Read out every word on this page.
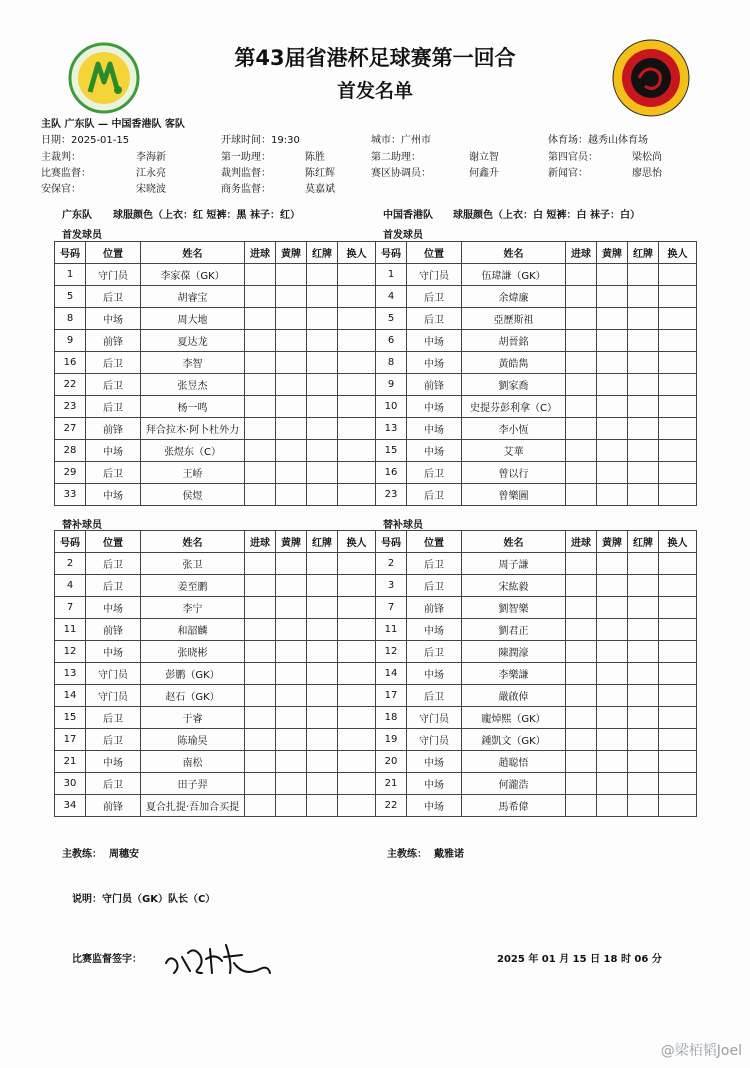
第43届省港杯足球赛第一回合
首发名单
主队 广东队 — 中国香港队 客队
日期：2025-01-15	开球时间：19:30	城市：广州市	体育场：越秀山体育场
主裁判：	李海新	第一助理：	陈胜	第二助理：	谢立智	第四官员：	梁松尚
比赛监督：	江永亮	裁判监督：	陈红辉	赛区协调员：	何鑫升	新闻官：	廖思怡
安保官：	宋晓波	商务监督：	莫嘉斌
广东队 球服颜色（上衣：红 短裤：黑 袜子：红）	中国香港队 球服颜色（上衣：白 短裤：白 袜子：白）
首发球员	首发球员
号码	位置	姓名	进球	黄牌	红牌	换人
1	守门员	李家葆（GK）				
5	后卫	胡睿宝				
8	中场	周大地				
9	前锋	夏达龙				
16	后卫	李智				
22	后卫	张昱杰				
23	后卫	杨一鸣				
27	前锋	拜合拉木·阿卜杜外力				
28	中场	张煜东（C）				
29	后卫	王峤				
33	中场	侯煜				
号码	位置	姓名	进球	黄牌	红牌	换人
1	守门员	伍瑋謙（GK）				
4	后卫	余煒廉				
5	后卫	亞歷斯祖				
6	中场	胡晉銘				
8	中场	黃皓雋				
9	前锋	劉家喬				
10	中场	史提芬彭利拿（C）				
13	中场	李小恆				
15	中场	艾華				
16	后卫	曾以行				
23	后卫	曾樂圖				
替补球员	替补球员
号码	位置	姓名	进球	黄牌	红牌	换人
2	后卫	张卫				
4	后卫	姜至鹏				
7	中场	李宁				
11	前锋	和韶麟				
12	中场	张晓彬				
13	守门员	彭鹏（GK）				
14	守门员	赵石（GK）				
15	后卫	于睿				
17	后卫	陈瑜昊				
21	中场	南松				
30	后卫	田子羿				
34	前锋	夏合扎提·吾加合买提				
号码	位置	姓名	进球	黄牌	红牌	换人
2	后卫	周子謙				
3	后卫	宋紘毅				
7	前锋	劉智樂				
11	中场	劉君正				
12	后卫	陳潤濠				
14	中场	李樂謙				
17	后卫	嚴啟倬				
18	守门员	龐焯熙（GK）				
19	守门员	鍾凱文（GK）				
20	中场	趙聪悟				
21	中场	何瀧浩				
22	中场	馬希偉				
主教练： 周穗安	主教练： 戴雅诺
说明：守门员（GK）队长（C）
比赛监督签字：	2025 年 01 月 15 日 18 时 06 分
@梁栢韬Joel
